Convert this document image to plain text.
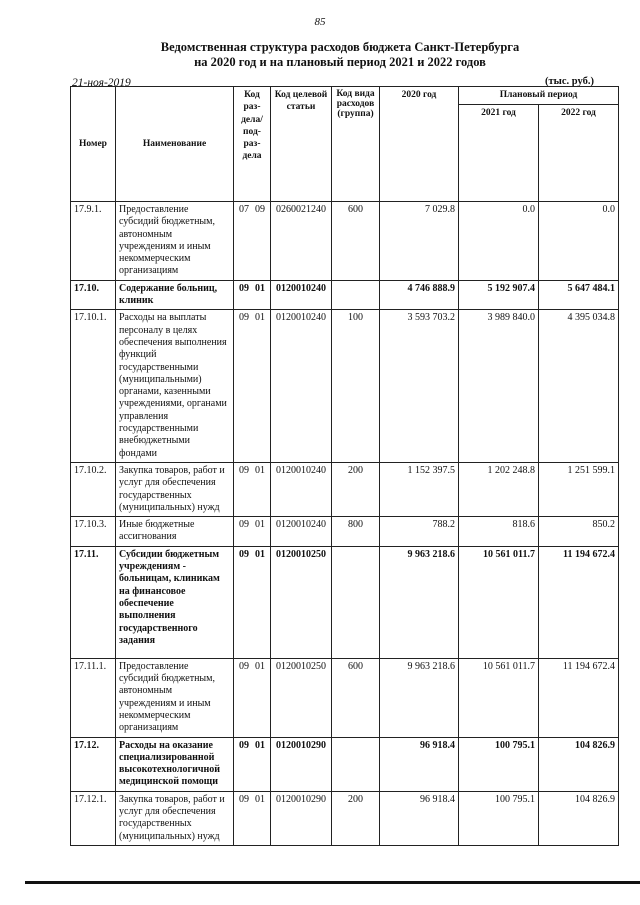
85
Ведомственная структура расходов бюджета Санкт-Петербурга
на 2020 год и на плановый период 2021 и 2022 годов
21-ноя-2019	(тыс. руб.)
Номер	Наименование	Код раз-дела/ под-раз-дела	Код целевой статьи	Код вида расходов (группа)	2020 год	Плановый период	
						2021 год	2022 год
17.9.1.	Предоставление субсидий бюджетным, автономным учреждениям и иным некоммерческим организациям	07 09	0260021240	600	7 029.8	0.0	0.0
17.10.	Содержание больниц, клиник	09 01	0120010240		4 746 888.9	5 192 907.4	5 647 484.1
17.10.1.	Расходы на выплаты персоналу в целях обеспечения выполнения функций государственными (муниципальными) органами, казенными учреждениями, органами управления государственными внебюджетными фондами	09 01	0120010240	100	3 593 703.2	3 989 840.0	4 395 034.8
17.10.2.	Закупка товаров, работ и услуг для обеспечения государственных (муниципальных) нужд	09 01	0120010240	200	1 152 397.5	1 202 248.8	1 251 599.1
17.10.3.	Иные бюджетные ассигнования	09 01	0120010240	800	788.2	818.6	850.2
17.11.	Субсидии бюджетным учреждениям - больницам, клиникам на финансовое обеспечение выполнения государственного задания	09 01	0120010250		9 963 218.6	10 561 011.7	11 194 672.4
17.11.1.	Предоставление субсидий бюджетным, автономным учреждениям и иным некоммерческим организациям	09 01	0120010250	600	9 963 218.6	10 561 011.7	11 194 672.4
17.12.	Расходы на оказание специализированной высокотехнологичной медицинской помощи	09 01	0120010290		96 918.4	100 795.1	104 826.9
17.12.1.	Закупка товаров, работ и услуг для обеспечения государственных (муниципальных) нужд	09 01	0120010290	200	96 918.4	100 795.1	104 826.9
